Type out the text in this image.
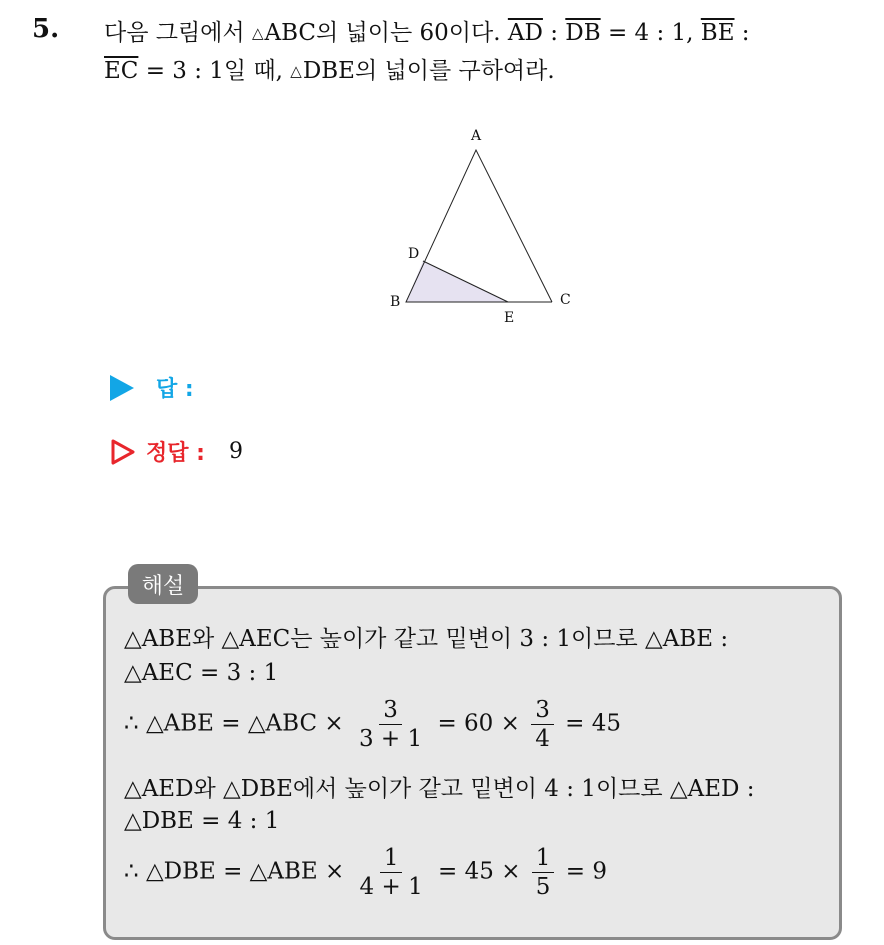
5. 다음 그림에서 △ABC의 넓이는 60이다. $\overline{AD}$ : $\overline{DB} = 4$ : 1, $\overline{BE}$ :
$\overline{EC} = 3$ : 1일 때, △DBE의 넓이를 구하여라.
A
B	C
D
E
답 :
정답 : 9
해설
△ABE와 △AEC는 높이가 같고 밑변이 3 : 1이므로 △ABE :
△AEC = 3 : 1
∴ △ABE = △ABC × $\frac{3}{3 + 1} = 60 \times \frac{3}{4} = 45$
△AED와 △DBE에서 높이가 같고 밑변이 4 : 1이므로 △AED :
△DBE = 4 : 1
∴ △DBE = △ABE × $\frac{1}{4 + 1} = 45 \times \frac{1}{5} = 9$
